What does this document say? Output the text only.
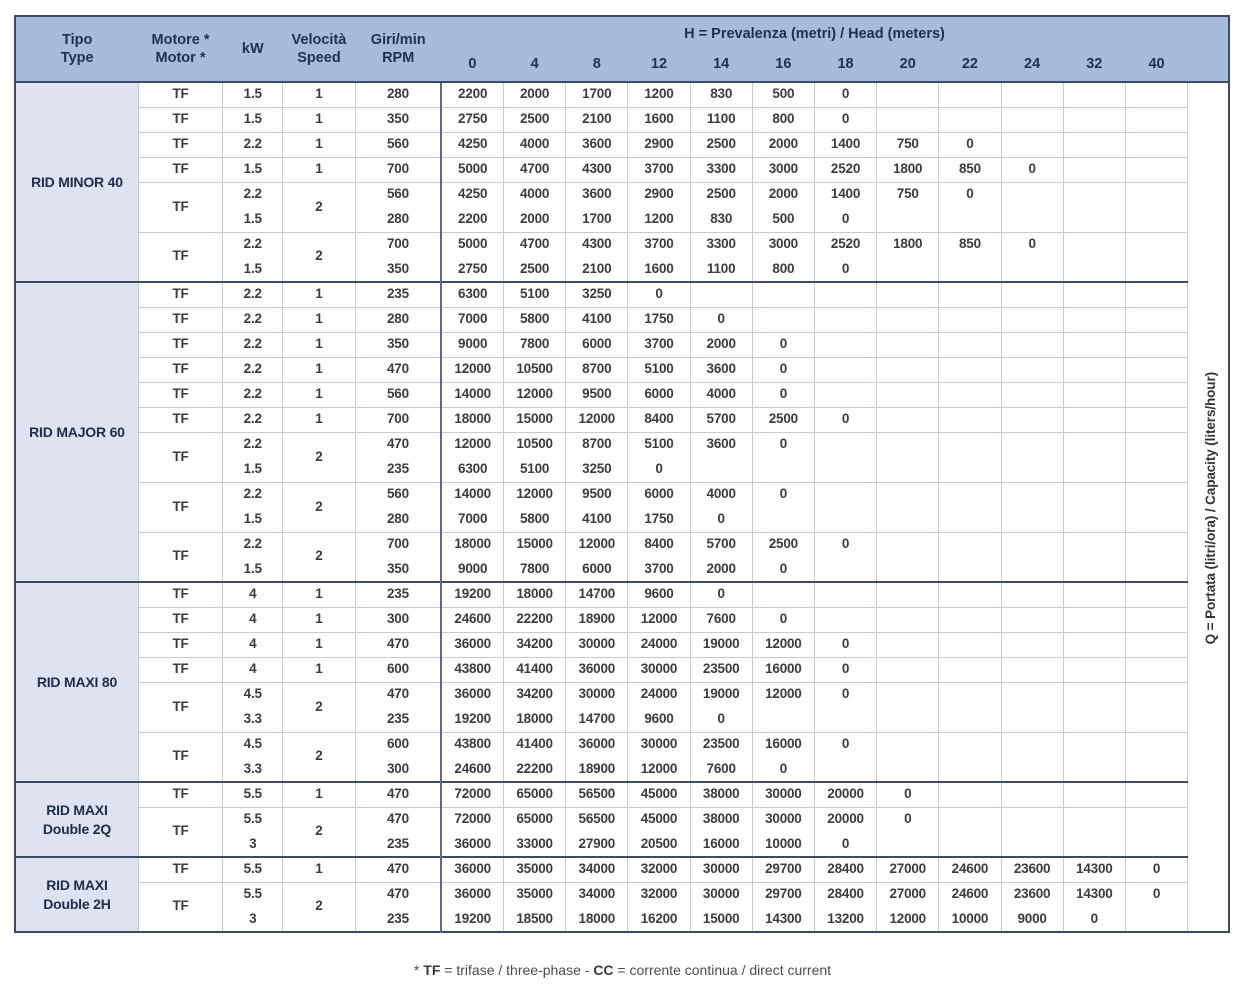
Tipo
Type

Motore *
Motor *
	kW	
Velocità
Speed

Giri/min
RPM
	H = Prevalenza (metri) / Head (meters)	
					0	4	8	12	14	16	18	20	22	24	32	40	

RID MINOR 40	TF	1.5	1	280	2200	2000	1700	1200	830	500	0						
	TF	1.5	1	350	2750	2500	2100	1600	1100	800	0						
	TF	2.2	1	560	4250	4000	3600	2900	2500	2000	1400	750	0				
	TF	1.5	1	700	5000	4700	4300	3700	3300	3000	2520	1800	850	0			
	TF	2.2	2	560	4250	4000	3600	2900	2500	2000	1400	750	0				
		1.5		280	2200	2000	1700	1200	830	500	0						
	TF	2.2	2	700	5000	4700	4300	3700	3300	3000	2520	1800	850	0			
		1.5		350	2750	2500	2100	1600	1100	800	0						

RID MAJOR 60	TF	2.2	1	235	6300	5100	3250	0									
	TF	2.2	1	280	7000	5800	4100	1750	0								
	TF	2.2	1	350	9000	7800	6000	3700	2000	0							
	TF	2.2	1	470	12000	10500	8700	5100	3600	0							
	TF	2.2	1	560	14000	12000	9500	6000	4000	0							
	TF	2.2	1	700	18000	15000	12000	8400	5700	2500	0						
	TF	2.2	2	470	12000	10500	8700	5100	3600	0							
		1.5		235	6300	5100	3250	0									
	TF	2.2	2	560	14000	12000	9500	6000	4000	0							
		1.5		280	7000	5800	4100	1750	0								
	TF	2.2	2	700	18000	15000	12000	8400	5700	2500	0						
		1.5		350	9000	7800	6000	3700	2000	0							

RID MAXI 80	TF	4	1	235	19200	18000	14700	9600	0								
	TF	4	1	300	24600	22200	18900	12000	7600	0							
	TF	4	1	470	36000	34200	30000	24000	19000	12000	0						
	TF	4	1	600	43800	41400	36000	30000	23500	16000	0						
	TF	4.5	2	470	36000	34200	30000	24000	19000	12000	0						
		3.3		235	19200	18000	14700	9600	0								
	TF	4.5	2	600	43800	41400	36000	30000	23500	16000	0						
		3.3		300	24600	22200	18900	12000	7600	0							

RID MAXI
Double 2Q	TF	5.5	1	470	72000	65000	56500	45000	38000	30000	20000	0					
	TF	5.5	2	470	72000	65000	56500	45000	38000	30000	20000	0					
		3		235	36000	33000	27900	20500	16000	10000	0						

RID MAXI
Double 2H	TF	5.5	1	470	36000	35000	34000	32000	30000	29700	28400	27000	24600	23600	14300	0	
	TF	5.5	2	470	36000	35000	34000	32000	30000	29700	28400	27000	24600	23600	14300	0	
		3		235	19200	18500	18000	16200	15000	14300	13200	12000	10000	9000	0		
Q = Portata (litri/ora) / Capacity (liters/hour)
* TF = trifase / three-phase - CC = corrente continua / direct current
